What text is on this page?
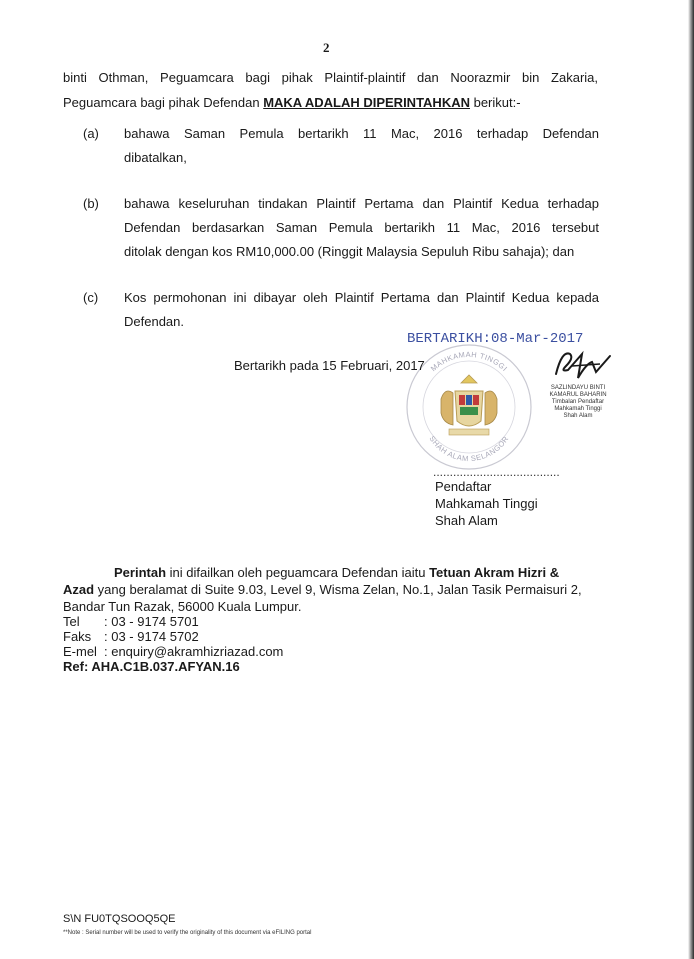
2
binti Othman, Peguamcara bagi pihak Plaintif-plaintif dan Noorazmir bin Zakaria,
Peguamcara bagi pihak Defendan MAKA ADALAH DIPERINTAHKAN berikut:-
(a) bahawa Saman Pemula bertarikh 11 Mac, 2016 terhadap Defendan
dibatalkan,
(b) bahawa keseluruhan tindakan Plaintif Pertama dan Plaintif Kedua terhadap
Defendan berdasarkan Saman Pemula bertarikh 11 Mac, 2016 tersebut
ditolak dengan kos RM10,000.00 (Ringgit Malaysia Sepuluh Ribu sahaja); dan
(c) Kos permohonan ini dibayar oleh Plaintif Pertama dan Plaintif Kedua kepada
Defendan.
BERTARIKH:08-Mar-2017
MAHKAMAH TINGGI
SHAH ALAM SELANGOR
SAZLINDAYU BINTI
KAMARUL BAHARIN
Timbalan Pendaftar
Mahkamah Tinggi
Shah Alam
Bertarikh pada 15 Februari, 2017
......................................
Pendaftar
Mahkamah Tinggi
Shah Alam
Perintah ini difailkan oleh peguamcara Defendan iaitu Tetuan Akram Hizri &
Azad yang beralamat di Suite 9.03, Level 9, Wisma Zelan, No.1, Jalan Tasik Permaisuri 2,
Bandar Tun Razak, 56000 Kuala Lumpur.
Tel : 03 - 9174 5701
Faks : 03 - 9174 5702
E-mel : enquiry@akramhizriazad.com
Ref: AHA.C1B.037.AFYAN.16
S\N FU0TQSOOQ5QE
**Note : Serial number will be used to verify the originality of this document via eFILING portal
